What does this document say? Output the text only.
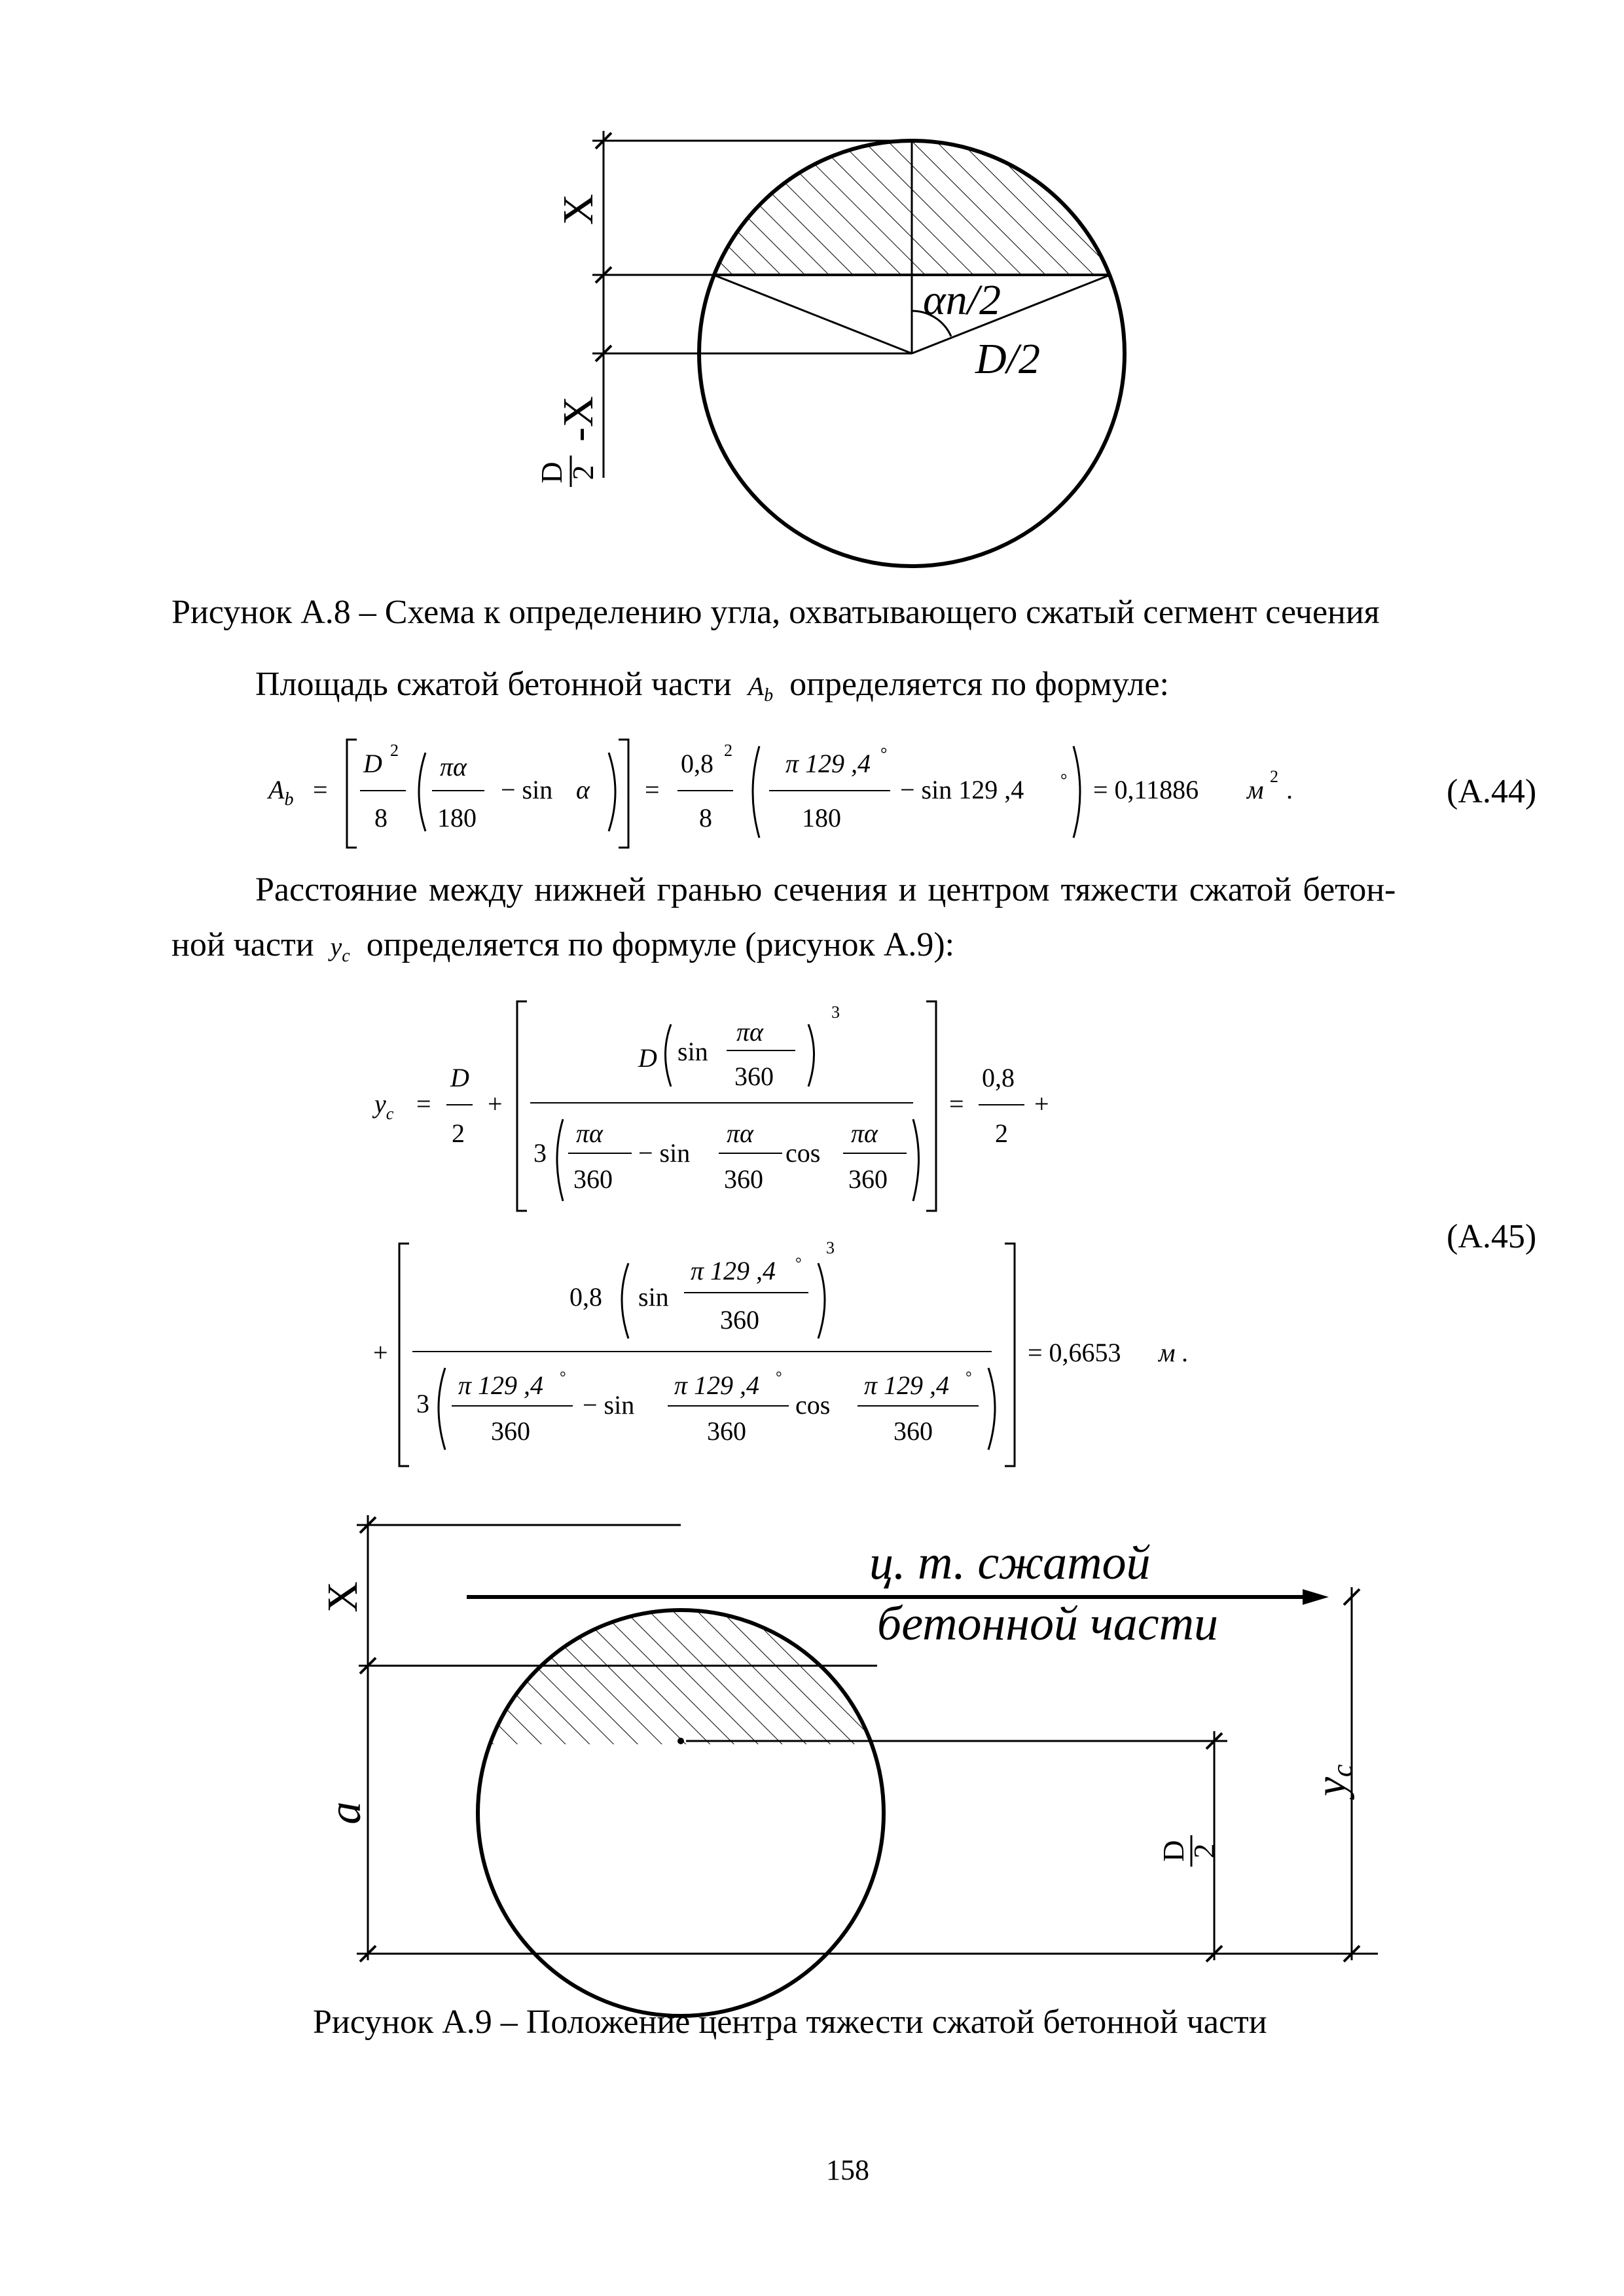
X
-X
D
2
αn/2
D/2
X
a
D
2
yc
ц. т. сжатой
бетонной части
$A_b$ =
D 2
8
πα
180
− sin α =
0,8 2
8
π 129 ,4 °
180
− sin 129 ,4 ° = 0,11886 м 2 .
$y_c$ =
D
2
+
D sin
πα
360
3
3
πα
360
− sin
πα
360
cos
πα
360
=
0,8
2
+
+
0,8 sin
π 129 ,4 °
360
3
3
π 129 ,4 °
360
− sin
π 129 ,4 °
360
cos
π 129 ,4 °
360
= 0,6653 м .
Рисунок А.8 – Схема к определению угла, охватывающего сжатый сегмент сечения
Площадь сжатой бетонной части $A_b$ определяется по формуле:
(А.44)
Расстояние между нижней гранью сечения и центром тяжести сжатой бетон-
ной части $y_c$ определяется по формуле (рисунок А.9):
(А.45)
Рисунок А.9 – Положение центра тяжести сжатой бетонной части
158
